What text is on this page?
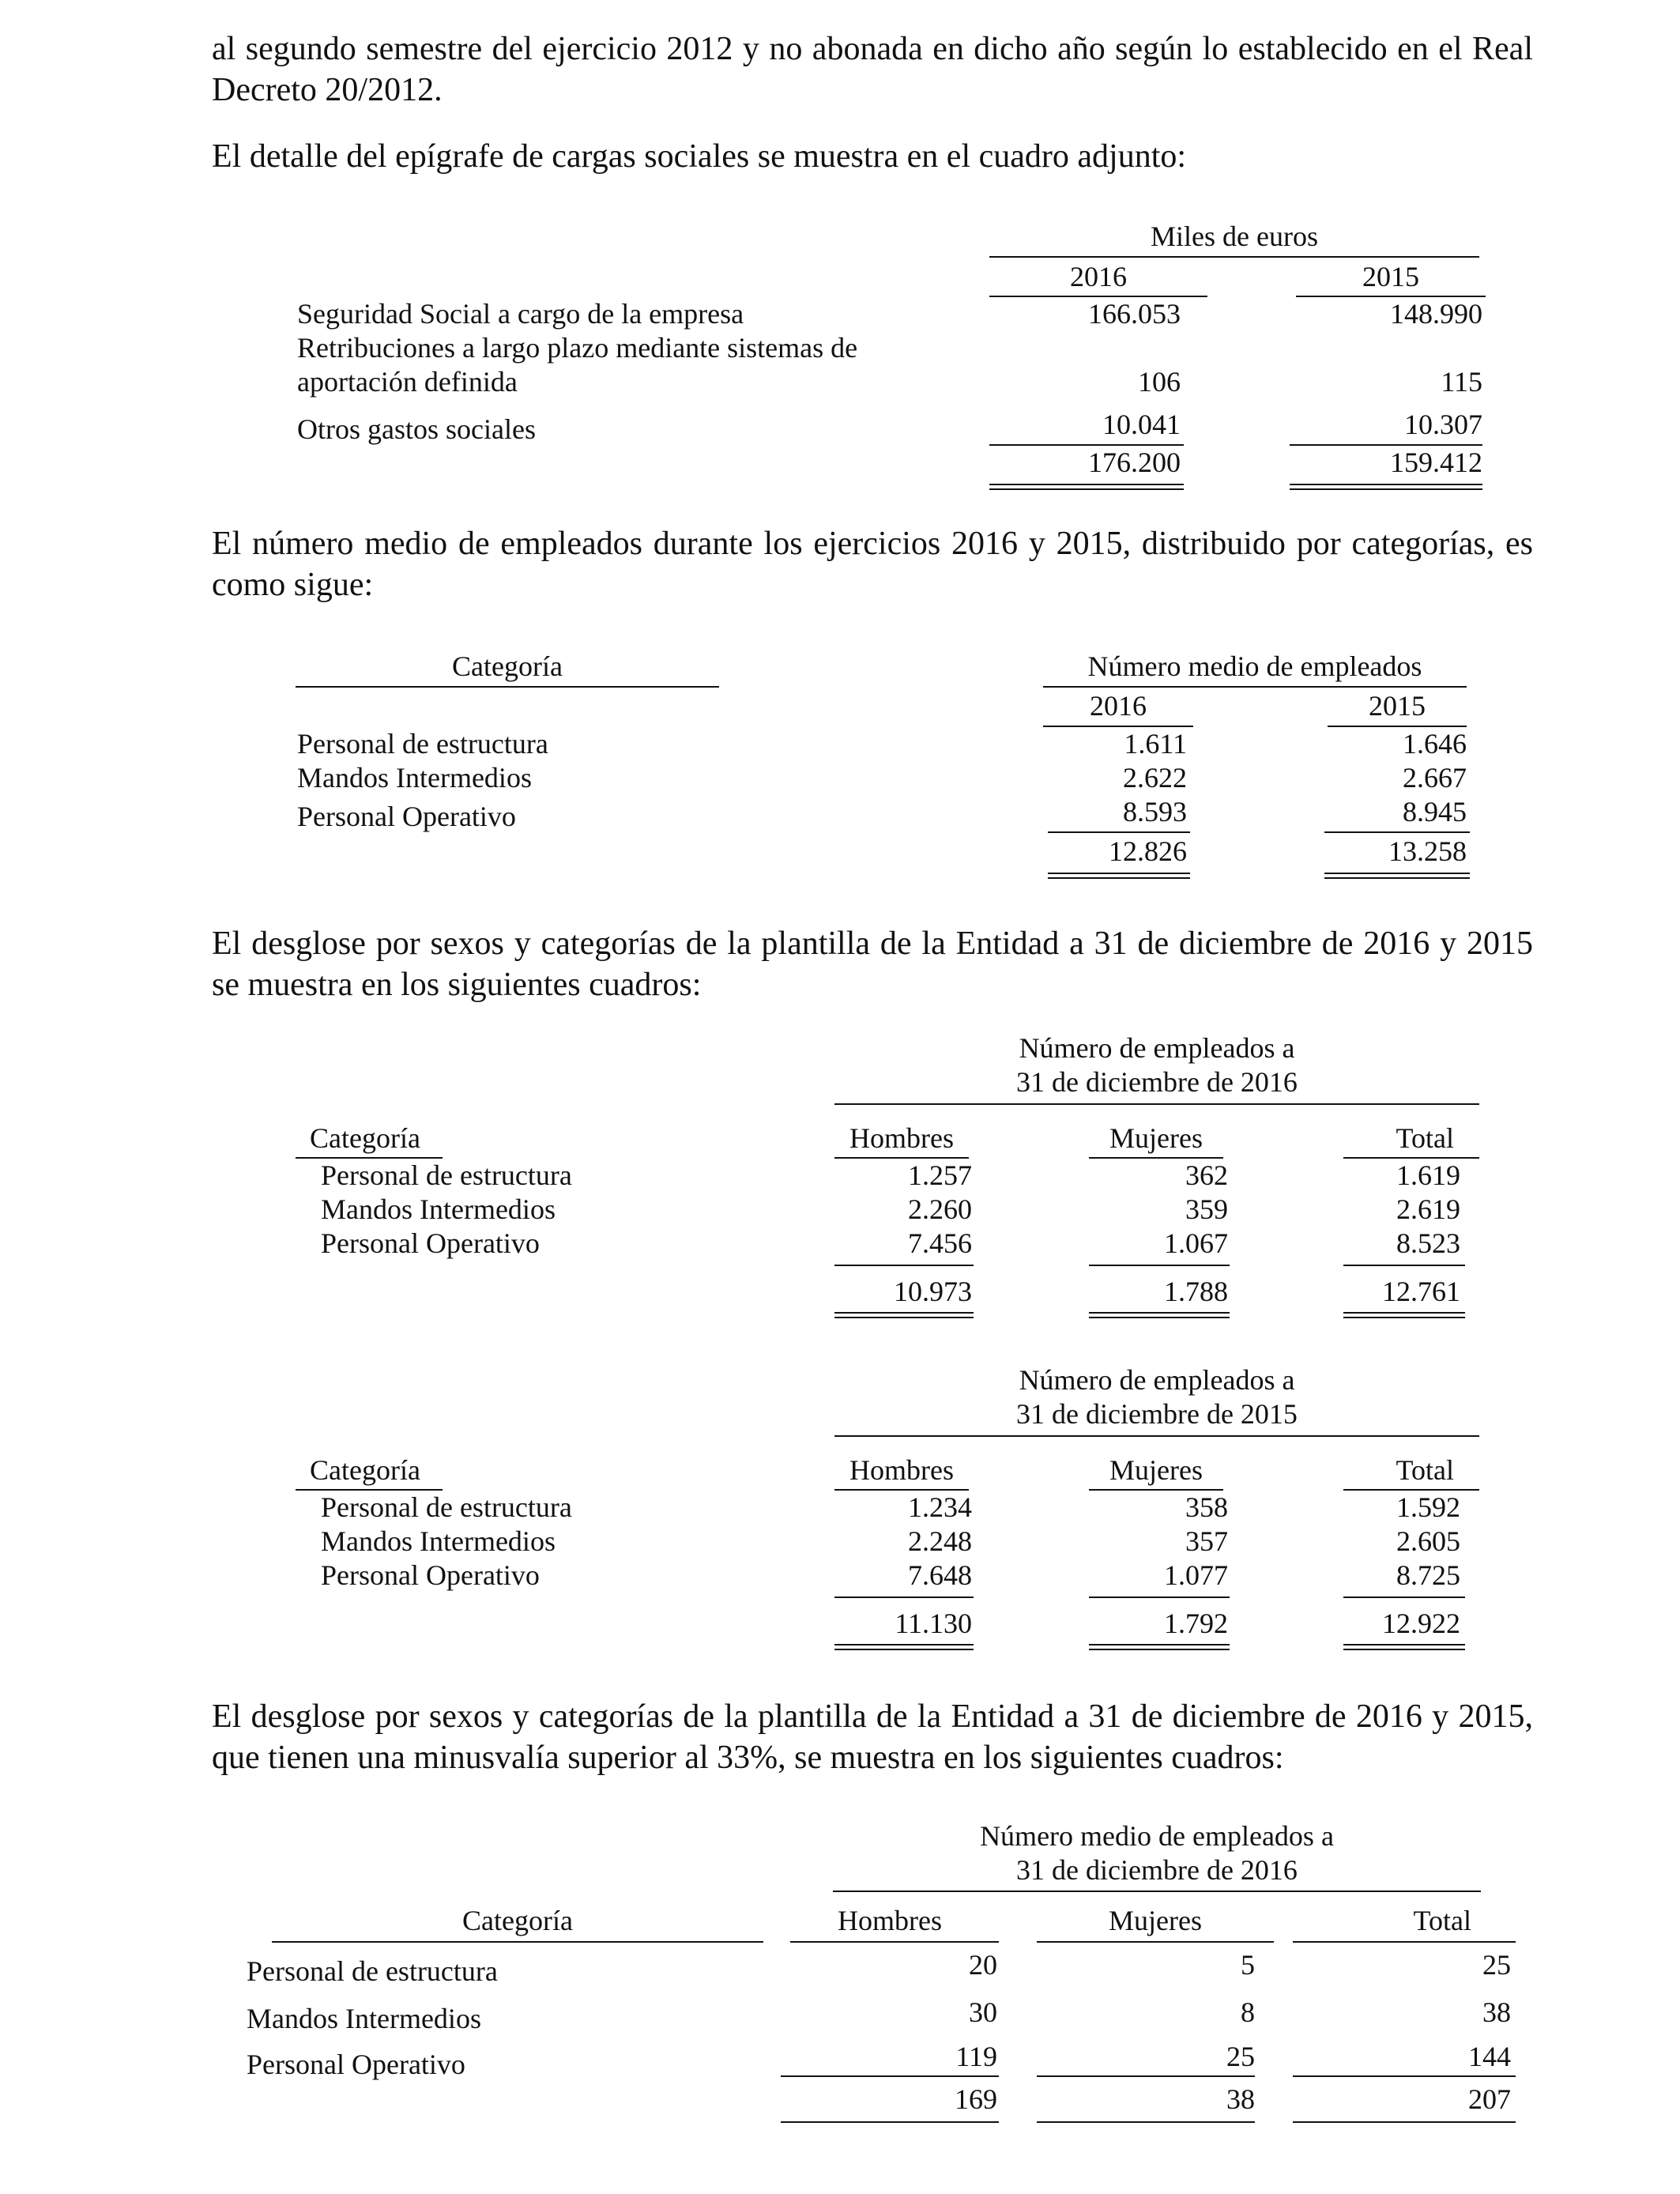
al segundo semestre del ejercicio 2012 y no abonada en dicho año según lo establecido en el Real Decreto 20/2012.
El detalle del epígrafe de cargas sociales se muestra en el cuadro adjunto:
Miles de euros
2016	2015
Seguridad Social a cargo de la empresa	166.053	148.990
Retribuciones a largo plazo mediante sistemas de
aportación definida	106	115
Otros gastos sociales	10.041	10.307
176.200	159.412
El número medio de empleados durante los ejercicios 2016 y 2015, distribuido por categorías, es como sigue:
Categoría	Número medio de empleados
2016	2015
Personal de estructura	1.611	1.646
Mandos Intermedios	2.622	2.667
Personal Operativo	8.593	8.945
12.826	13.258
El desglose por sexos y categorías de la plantilla de la Entidad a 31 de diciembre de 2016 y 2015 se muestra en los siguientes cuadros:
Número de empleados a
31 de diciembre de 2016
Categoría	Hombres	Mujeres	Total
Personal de estructura	1.257	362	1.619
Mandos Intermedios	2.260	359	2.619
Personal Operativo	7.456	1.067	8.523
10.973	1.788	12.761
Número de empleados a
31 de diciembre de 2015
Categoría	Hombres	Mujeres	Total
Personal de estructura	1.234	358	1.592
Mandos Intermedios	2.248	357	2.605
Personal Operativo	7.648	1.077	8.725
11.130	1.792	12.922
El desglose por sexos y categorías de la plantilla de la Entidad a 31 de diciembre de 2016 y 2015, que tienen una minusvalía superior al 33%, se muestra en los siguientes cuadros:
Número medio de empleados a
31 de diciembre de 2016
Categoría	Hombres	Mujeres	Total
Personal de estructura	20	5	25
Mandos Intermedios	30	8	38
Personal Operativo	119	25	144
169	38	207
